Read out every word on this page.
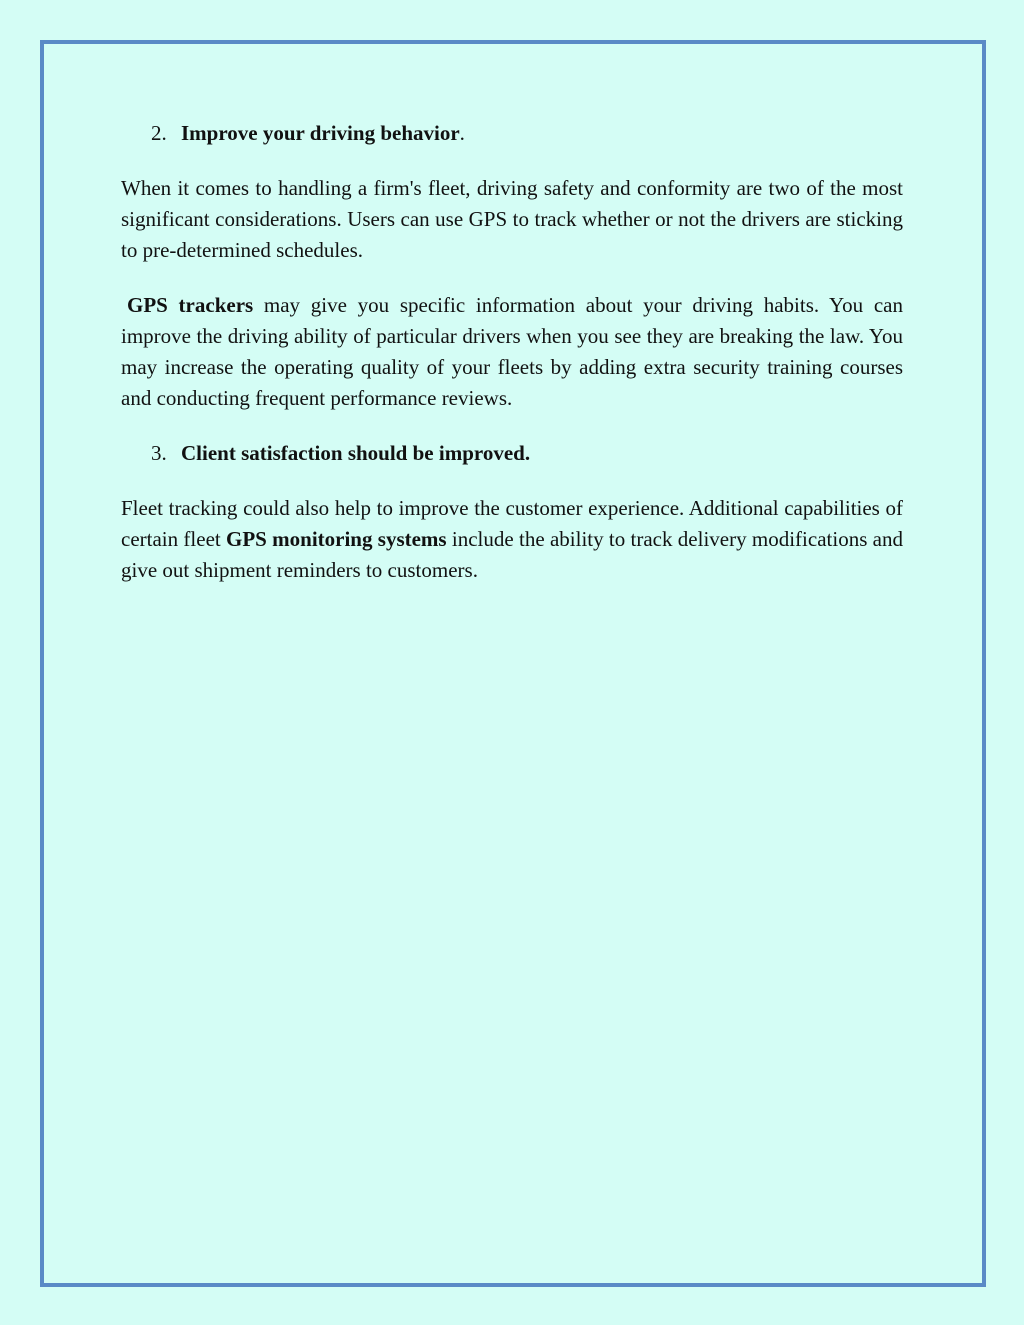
2. Improve your driving behavior.

When it comes to handling a firm's fleet, driving safety and conformity are two of the most significant considerations. Users can use GPS to track whether or not the drivers are sticking to pre-determined schedules.

GPS trackers may give you specific information about your driving habits. You can improve the driving ability of particular drivers when you see they are breaking the law. You may increase the operating quality of your fleets by adding extra security training courses and conducting frequent performance reviews.

3. Client satisfaction should be improved.

Fleet tracking could also help to improve the customer experience. Additional capabilities of certain fleet GPS monitoring systems include the ability to track delivery modifications and give out shipment reminders to customers.
